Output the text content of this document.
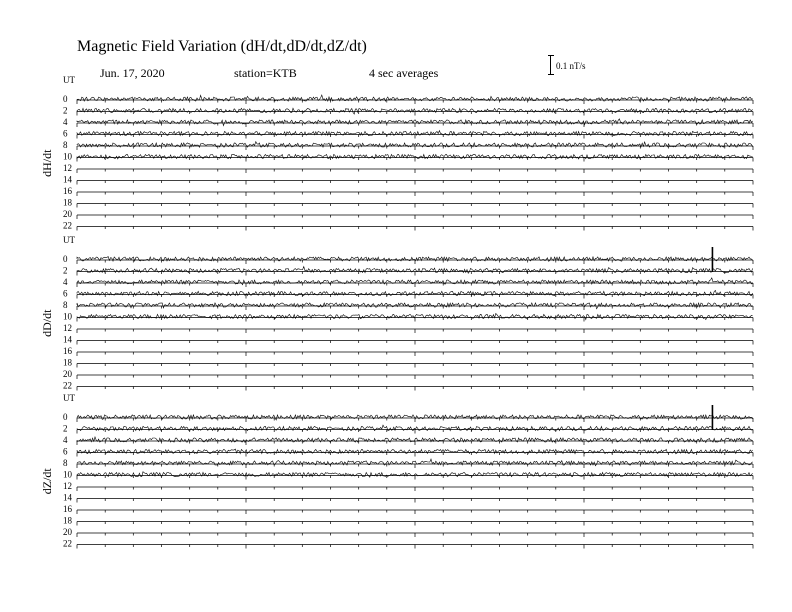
Magnetic Field Variation (dH/dt,dD/dt,dZ/dt)
Jun. 17, 2020	station=KTB	4 sec averages	0.1 nT/s
UT
dH/dt
0
2
4
6
8
10
12
14
16
18
20
22
UT
dD/dt
0
2
4
6
8
10
12
14
16
18
20
22
UT
dZ/dt
0
2
4
6
8
10
12
14
16
18
20
22
